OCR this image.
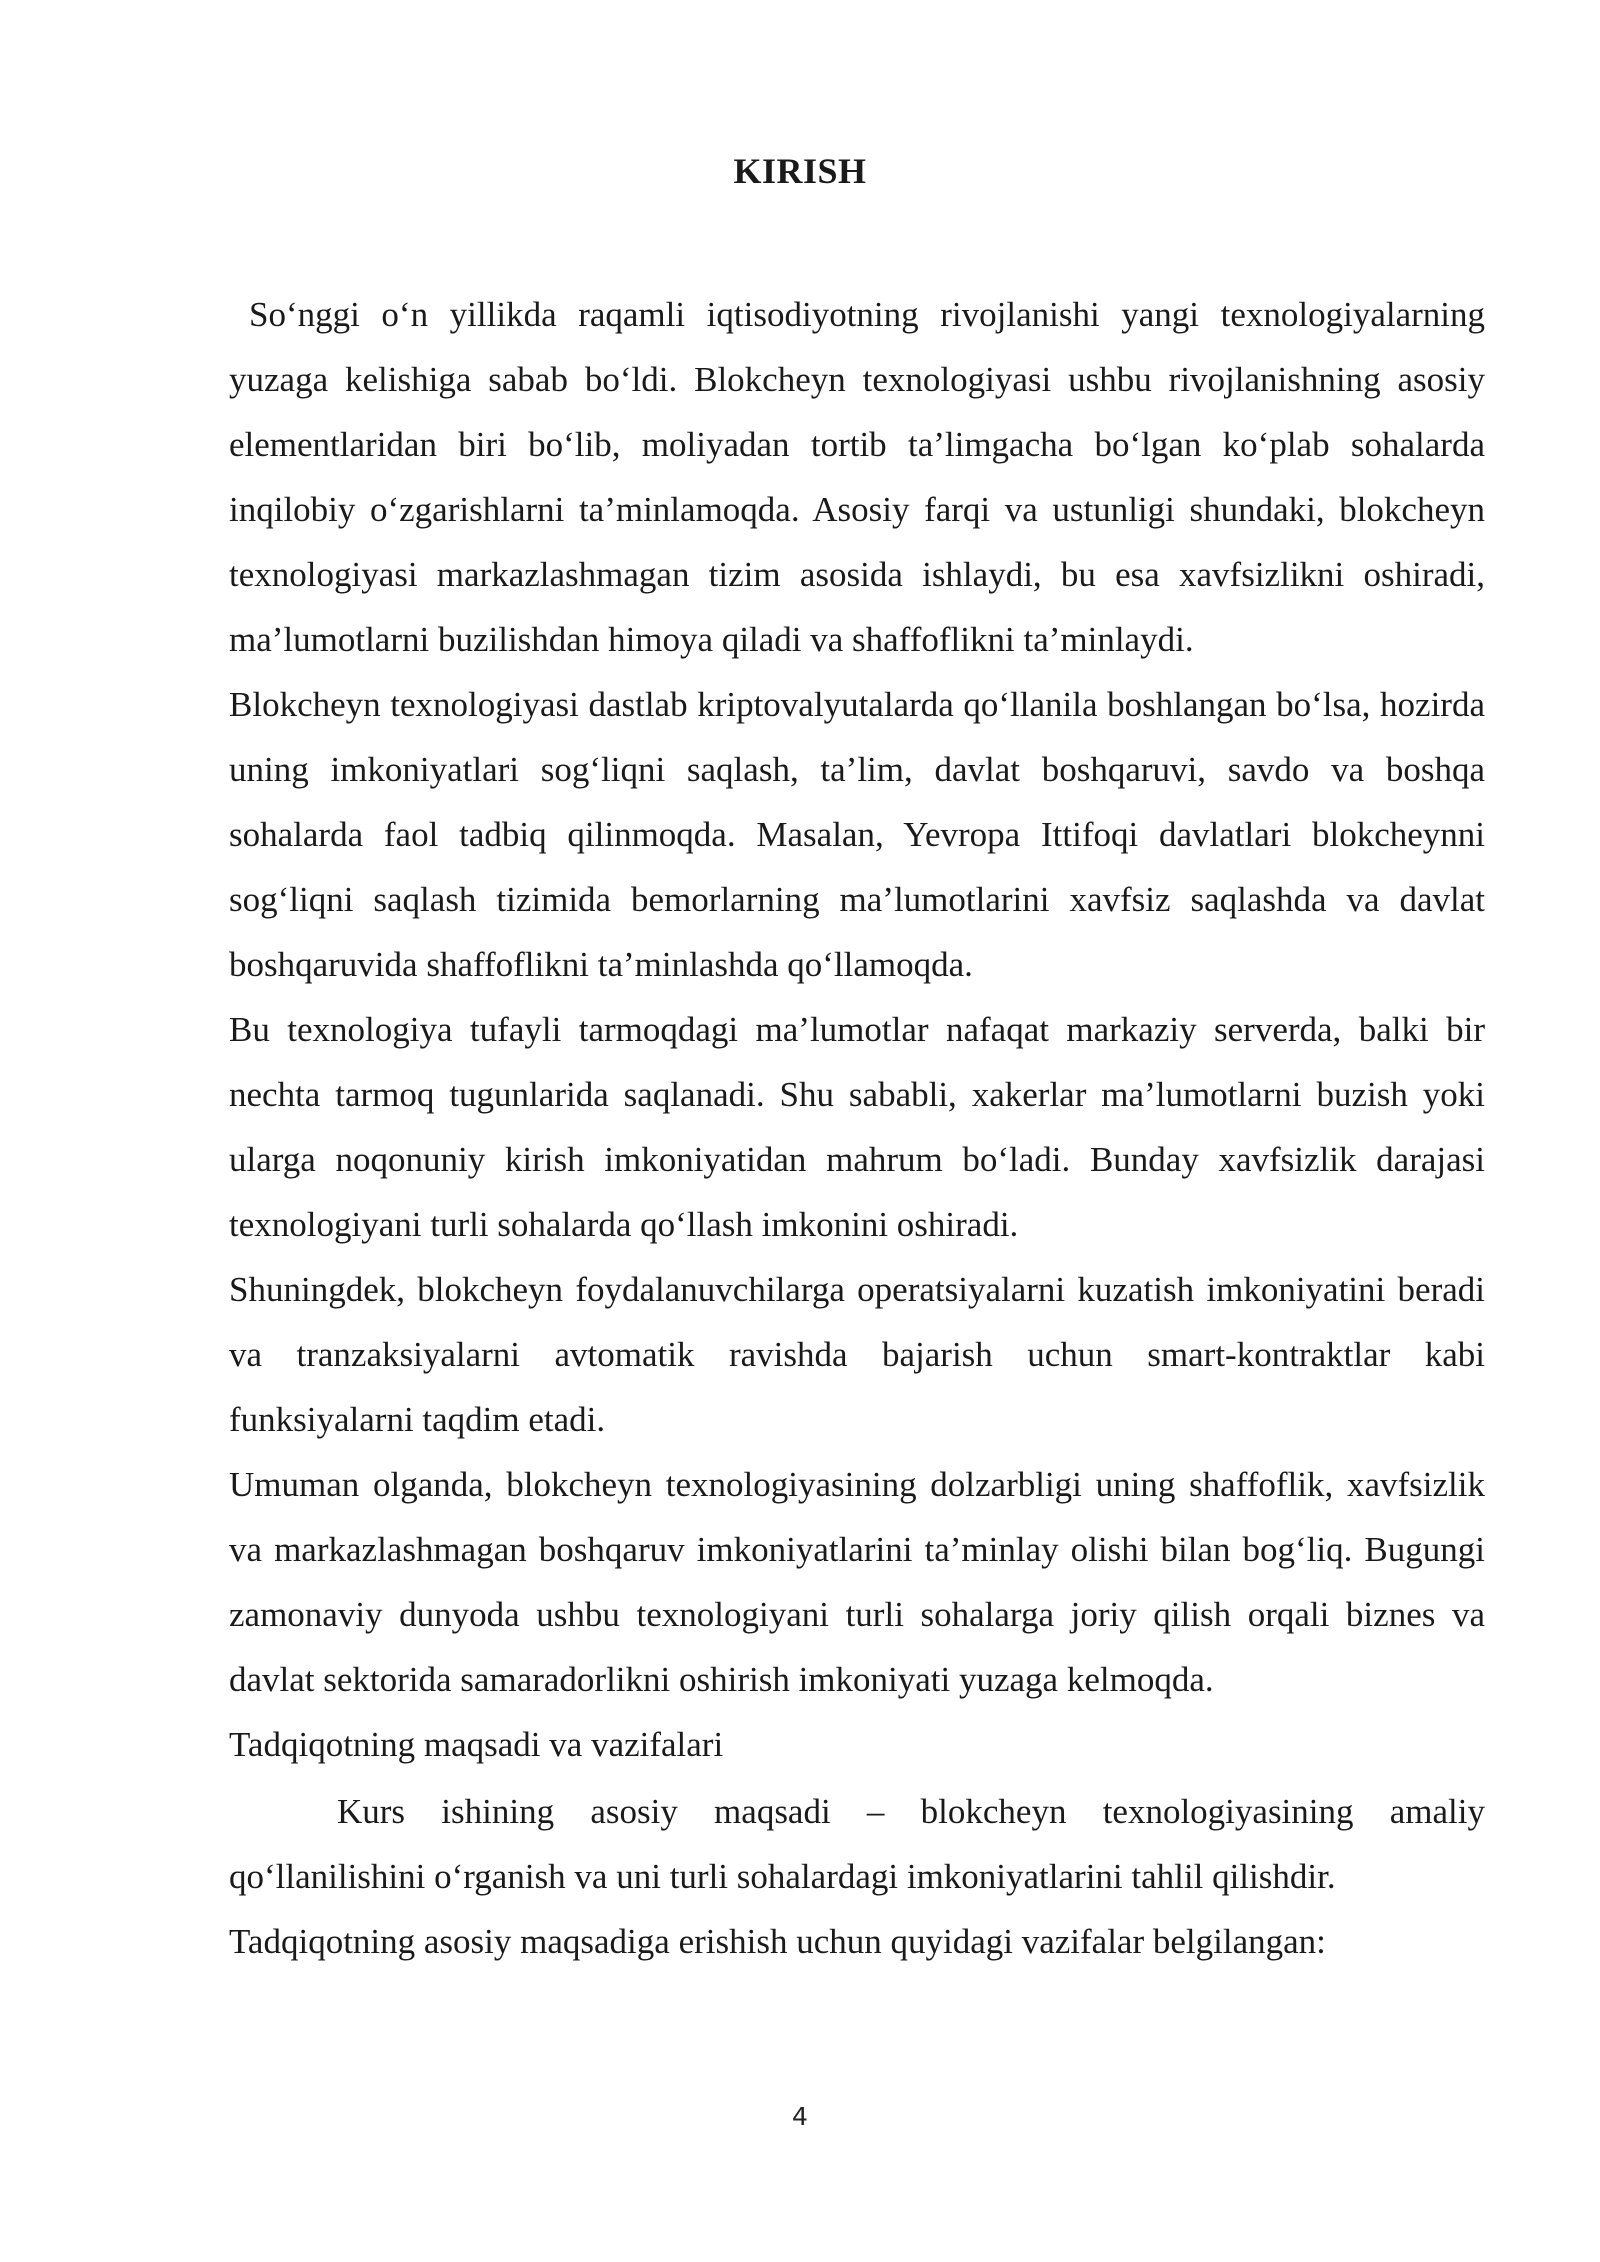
KIRISH

So‘nggi o‘n yillikda raqamli iqtisodiyotning rivojlanishi yangi texnologiyalarning yuzaga kelishiga sabab bo‘ldi. Blokcheyn texnologiyasi ushbu rivojlanishning asosiy elementlaridan biri bo‘lib, moliyadan tortib ta’limgacha bo‘lgan ko‘plab sohalarda inqilobiy o‘zgarishlarni ta’minlamoqda. Asosiy farqi va ustunligi shundaki, blokcheyn texnologiyasi markazlashmagan tizim asosida ishlaydi, bu esa xavfsizlikni oshiradi, ma’lumotlarni buzilishdan himoya qiladi va shaffoflikni ta’minlaydi.

Blokcheyn texnologiyasi dastlab kriptovalyutalarda qo‘llanila boshlangan bo‘lsa, hozirda uning imkoniyatlari sog‘liqni saqlash, ta’lim, davlat boshqaruvi, savdo va boshqa sohalarda faol tadbiq qilinmoqda. Masalan, Yevropa Ittifoqi davlatlari blokcheynni sog‘liqni saqlash tizimida bemorlarning ma’lumotlarini xavfsiz saqlashda va davlat boshqaruvida shaffoflikni ta’minlashda qo‘llamoqda.

Bu texnologiya tufayli tarmoqdagi ma’lumotlar nafaqat markaziy serverda, balki bir nechta tarmoq tugunlarida saqlanadi. Shu sababli, xakerlar ma’lumotlarni buzish yoki ularga noqonuniy kirish imkoniyatidan mahrum bo‘ladi. Bunday xavfsizlik darajasi texnologiyani turli sohalarda qo‘llash imkonini oshiradi.

Shuningdek, blokcheyn foydalanuvchilarga operatsiyalarni kuzatish imkoniyatini beradi va tranzaksiyalarni avtomatik ravishda bajarish uchun smart-kontraktlar kabi funksiyalarni taqdim etadi.

Umuman olganda, blokcheyn texnologiyasining dolzarbligi uning shaffoflik, xavfsizlik va markazlashmagan boshqaruv imkoniyatlarini ta’minlay olishi bilan bog‘liq. Bugungi zamonaviy dunyoda ushbu texnologiyani turli sohalarga joriy qilish orqali biznes va davlat sektorida samaradorlikni oshirish imkoniyati yuzaga kelmoqda.

Tadqiqotning maqsadi va vazifalari

Kurs ishining asosiy maqsadi – blokcheyn texnologiyasining amaliy qo‘llanilishini o‘rganish va uni turli sohalardagi imkoniyatlarini tahlil qilishdir.

Tadqiqotning asosiy maqsadiga erishish uchun quyidagi vazifalar belgilangan:

4
